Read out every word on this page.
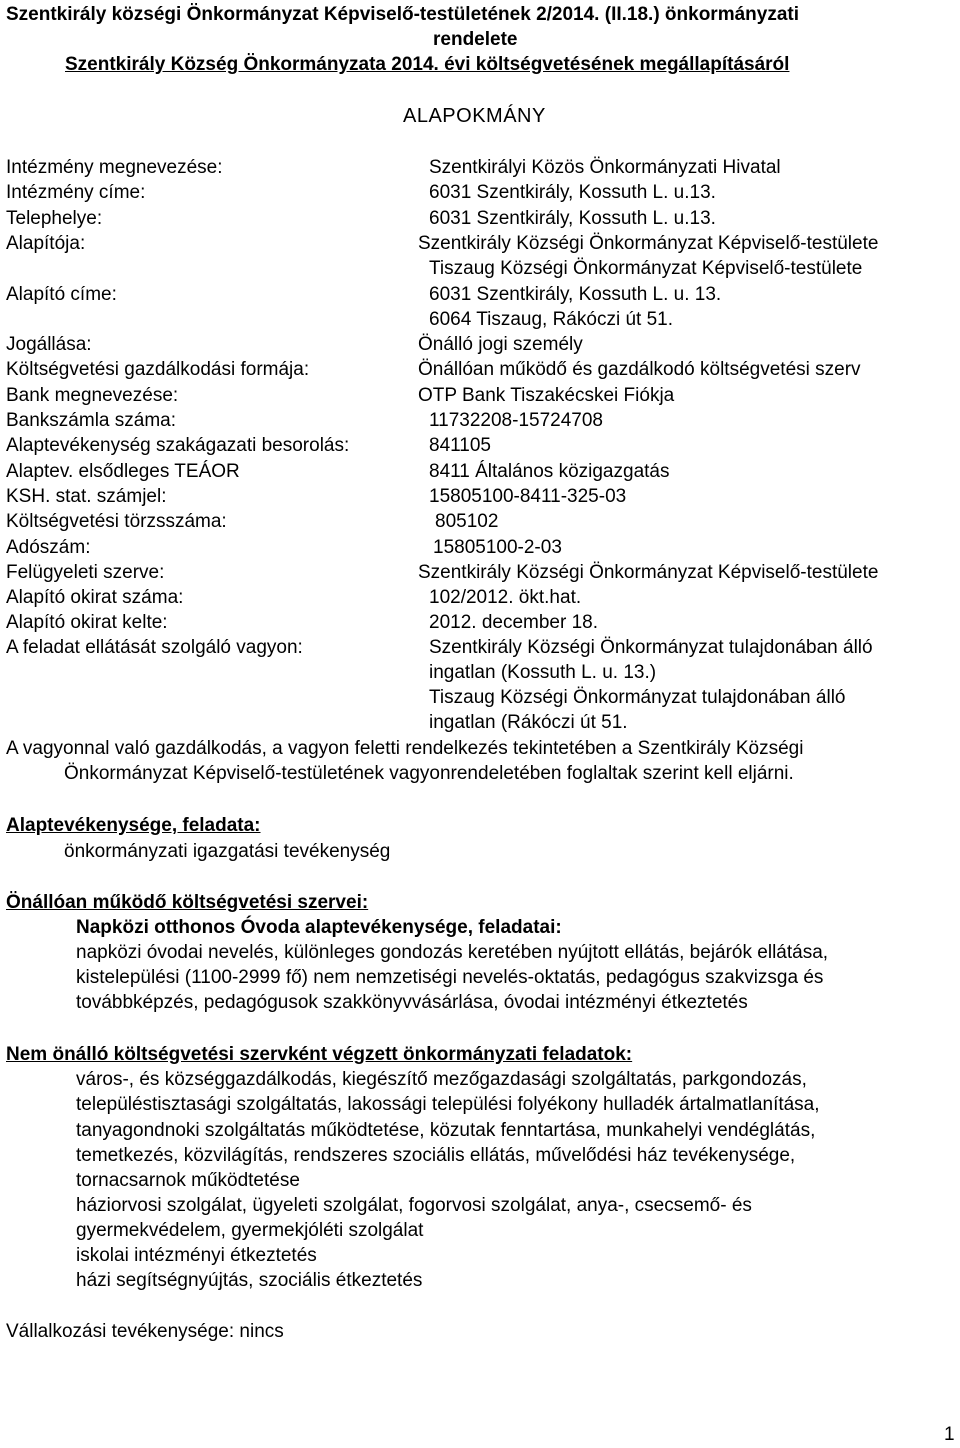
Szentkirály községi Önkormányzat Képviselő-testületének 2/2014. (II.18.) önkormányzati
rendelete
Szentkirály Község Önkormányzata 2014. évi költségvetésének megállapításáról
ALAPOKMÁNY
Intézmény megnevezése:	Szentkirályi Közös Önkormányzati Hivatal
Intézmény címe:	6031 Szentkirály, Kossuth L. u.13.
Telephelye:	6031 Szentkirály, Kossuth L. u.13.
Alapítója:	Szentkirály Községi Önkormányzat Képviselő-testülete
Tiszaug Községi Önkormányzat Képviselő-testülete
Alapító címe:	6031 Szentkirály, Kossuth L. u. 13.
6064 Tiszaug, Rákóczi út 51.
Jogállása:	Önálló jogi személy
Költségvetési gazdálkodási formája:	Önállóan működő és gazdálkodó költségvetési szerv
Bank megnevezése:	OTP Bank Tiszakécskei Fiókja
Bankszámla száma:	11732208-15724708
Alaptevékenység szakágazati besorolás:	841105
Alaptev. elsődleges TEÁOR	8411 Általános közigazgatás
KSH. stat. számjel:	15805100-8411-325-03
Költségvetési törzsszáma:	805102
Adószám:	15805100-2-03
Felügyeleti szerve:	Szentkirály Községi Önkormányzat Képviselő-testülete
Alapító okirat száma:	102/2012. ökt.hat.
Alapító okirat kelte:	2012. december 18.
A feladat ellátását szolgáló vagyon:	Szentkirály Községi Önkormányzat tulajdonában álló
ingatlan (Kossuth L. u. 13.)
Tiszaug Községi Önkormányzat tulajdonában álló
ingatlan (Rákóczi út 51.
A vagyonnal való gazdálkodás, a vagyon feletti rendelkezés tekintetében a Szentkirály Községi
Önkormányzat Képviselő-testületének vagyonrendeletében foglaltak szerint kell eljárni.
Alaptevékenysége, feladata:
önkormányzati igazgatási tevékenység
Önállóan működő költségvetési szervei:
Napközi otthonos Óvoda alaptevékenysége, feladatai:
napközi óvodai nevelés, különleges gondozás keretében nyújtott ellátás, bejárók ellátása,
kistelepülési (1100-2999 fő) nem nemzetiségi nevelés-oktatás, pedagógus szakvizsga és
továbbképzés, pedagógusok szakkönyvvásárlása, óvodai intézményi étkeztetés
Nem önálló költségvetési szervként végzett önkormányzati feladatok:
város-, és községgazdálkodás, kiegészítő mezőgazdasági szolgáltatás, parkgondozás,
településtisztasági szolgáltatás, lakossági települési folyékony hulladék ártalmatlanítása,
tanyagondnoki szolgáltatás működtetése, közutak fenntartása, munkahelyi vendéglátás,
temetkezés, közvilágítás, rendszeres szociális ellátás, művelődési ház tevékenysége,
tornacsarnok működtetése
háziorvosi szolgálat, ügyeleti szolgálat, fogorvosi szolgálat, anya-, csecsemő- és
gyermekvédelem, gyermekjóléti szolgálat
iskolai intézményi étkeztetés
házi segítségnyújtás, szociális étkeztetés
Vállalkozási tevékenysége: nincs
1
